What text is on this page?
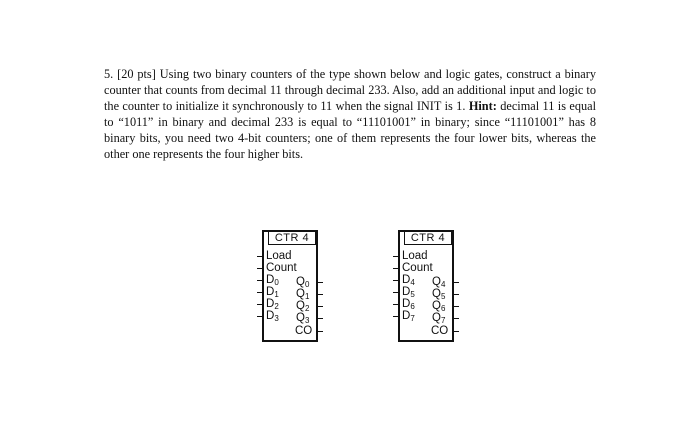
5. [20 pts] Using two binary counters of the type shown below and logic gates, construct a binary counter that counts from decimal 11 through decimal 233. Also, add an additional input and logic to the counter to initialize it synchronously to 11 when the signal INIT is 1. Hint: decimal 11 is equal to “1011” in binary and decimal 233 is equal to “11101001” in binary; since “11101001” has 8 binary bits, you need two 4-bit counters; one of them represents the four lower bits, whereas the other one represents the four higher bits.
CTR 4
Load
Count
$D_0$
$D_1$
$D_2$
$D_3$
$Q_0$
$Q_1$
$Q_2$
$Q_3$
CO
CTR 4
Load
Count
$D_4$
$D_5$
$D_6$
$D_7$
$Q_4$
$Q_5$
$Q_6$
$Q_7$
CO
